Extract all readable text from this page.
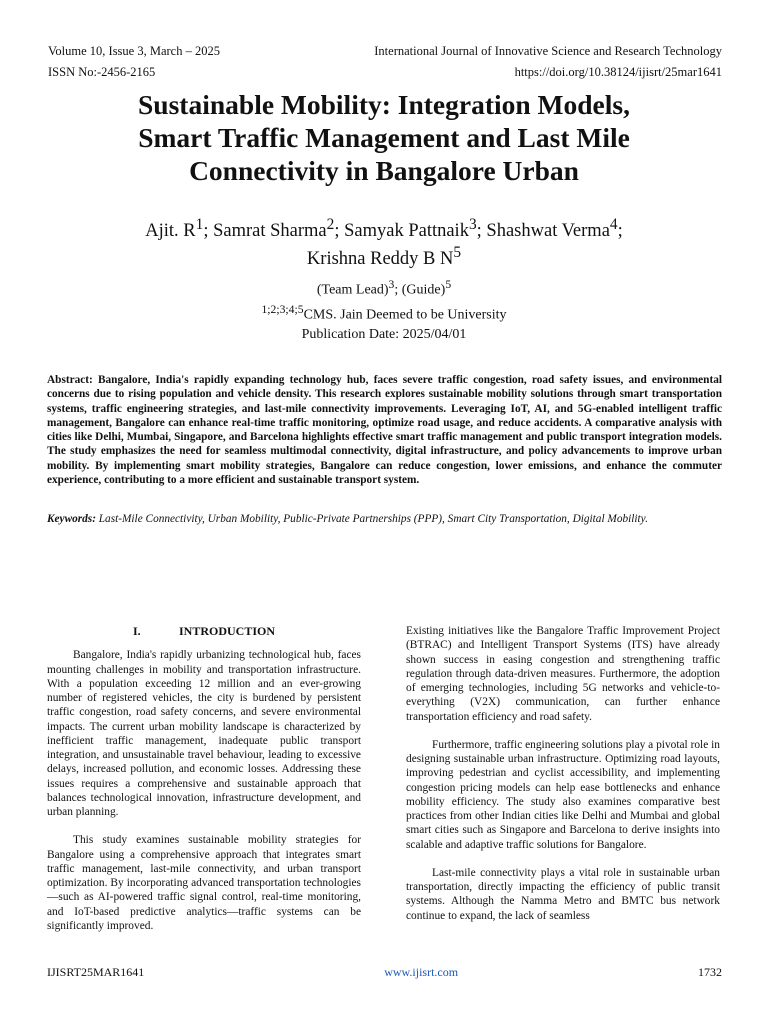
Volume 10, Issue 3, March – 2025	International Journal of Innovative Science and Research Technology
ISSN No:-2456-2165	https://doi.org/10.38124/ijisrt/25mar1641
Sustainable Mobility: Integration Models,
Smart Traffic Management and Last Mile
Connectivity in Bangalore Urban
Ajit. $R^1$; Samrat Sharma$^2$; Samyak Pattnaik$^3$; Shashwat Verma$^4$;
Krishna Reddy B $N^5$
(Team Lead)$^3$; (Guide)$^5$
$^{1;2;3;4;5}$CMS. Jain Deemed to be University
Publication Date: 2025/04/01
Abstract: Bangalore, India's rapidly expanding technology hub, faces severe traffic congestion, road safety issues, and environmental concerns due to rising population and vehicle density. This research explores sustainable mobility solutions through smart transportation systems, traffic engineering strategies, and last-mile connectivity improvements. Leveraging IoT, AI, and 5G-enabled intelligent traffic management, Bangalore can enhance real-time traffic monitoring, optimize road usage, and reduce accidents. A comparative analysis with cities like Delhi, Mumbai, Singapore, and Barcelona highlights effective smart traffic management and public transport integration models. The study emphasizes the need for seamless multimodal connectivity, digital infrastructure, and policy advancements to improve urban mobility. By implementing smart mobility strategies, Bangalore can reduce congestion, lower emissions, and enhance the commuter experience, contributing to a more efficient and sustainable transport system.
Keywords: Last-Mile Connectivity, Urban Mobility, Public-Private Partnerships (PPP), Smart City Transportation, Digital Mobility.
I.	INTRODUCTION

Bangalore, India's rapidly urbanizing technological hub, faces mounting challenges in mobility and transportation infrastructure. With a population exceeding 12 million and an ever-growing number of registered vehicles, the city is burdened by persistent traffic congestion, road safety concerns, and severe environmental impacts. The current urban mobility landscape is characterized by inefficient traffic management, inadequate public transport integration, and unsustainable travel behaviour, leading to excessive delays, increased pollution, and economic losses. Addressing these issues requires a comprehensive and sustainable approach that balances technological innovation, infrastructure development, and urban planning.

This study examines sustainable mobility strategies for Bangalore using a comprehensive approach that integrates smart traffic management, last-mile connectivity, and urban transport optimization. By incorporating advanced transportation technologies—such as AI-powered traffic signal control, real-time monitoring, and IoT-based predictive analytics—traffic systems can be significantly improved.

Existing initiatives like the Bangalore Traffic Improvement Project (BTRAC) and Intelligent Transport Systems (ITS) have already shown success in easing congestion and strengthening traffic regulation through data-driven measures. Furthermore, the adoption of emerging technologies, including 5G networks and vehicle-to-everything (V2X) communication, can further enhance transportation efficiency and road safety.

Furthermore, traffic engineering solutions play a pivotal role in designing sustainable urban infrastructure. Optimizing road layouts, improving pedestrian and cyclist accessibility, and implementing congestion pricing models can help ease bottlenecks and enhance mobility efficiency. The study also examines comparative best practices from other Indian cities like Delhi and Mumbai and global smart cities such as Singapore and Barcelona to derive insights into scalable and adaptive traffic solutions for Bangalore.

Last-mile connectivity plays a vital role in sustainable urban transportation, directly impacting the efficiency of public transit systems. Although the Namma Metro and BMTC bus network continue to expand, the lack of seamless

IJISRT25MAR1641	www.ijisrt.com	1732
